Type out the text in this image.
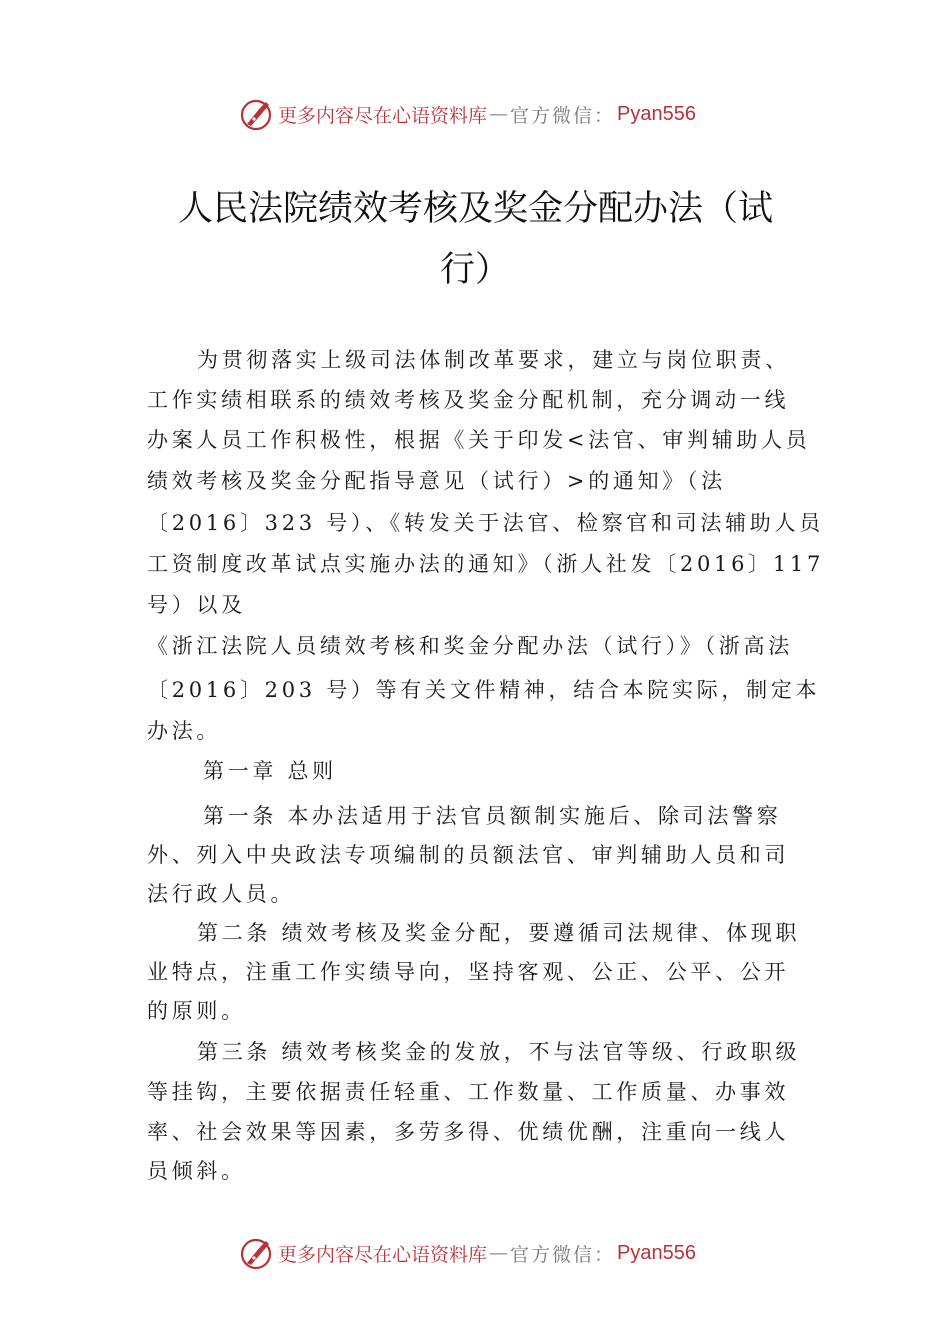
更多内容尽在心语资料库 — 官方微信： Pyan556
人民法院绩效考核及奖金分配办法（试
行）
为贯彻落实上级司法体制改革要求，建立与岗位职责、
工作实绩相联系的绩效考核及奖金分配机制，充分调动一线
办案人员工作积极性，根据《关于印发<法官、审判辅助人员
绩效考核及奖金分配指导意见（试行）>的通知》（法
〔2016〕323 号）、《转发关于法官、检察官和司法辅助人员
工资制度改革试点实施办法的通知》（浙人社发〔2016〕117
号）以及
《浙江法院人员绩效考核和奖金分配办法（试行）》（浙高法
〔2016〕203 号）等有关文件精神，结合本院实际，制定本
办法。
第一章 总则
第一条 本办法适用于法官员额制实施后、除司法警察
外、列入中央政法专项编制的员额法官、审判辅助人员和司
法行政人员。
第二条 绩效考核及奖金分配，要遵循司法规律、体现职
业特点，注重工作实绩导向，坚持客观、公正、公平、公开
的原则。
第三条 绩效考核奖金的发放，不与法官等级、行政职级
等挂钩，主要依据责任轻重、工作数量、工作质量、办事效
率、社会效果等因素，多劳多得、优绩优酬，注重向一线人
员倾斜。
更多内容尽在心语资料库 — 官方微信： Pyan556
